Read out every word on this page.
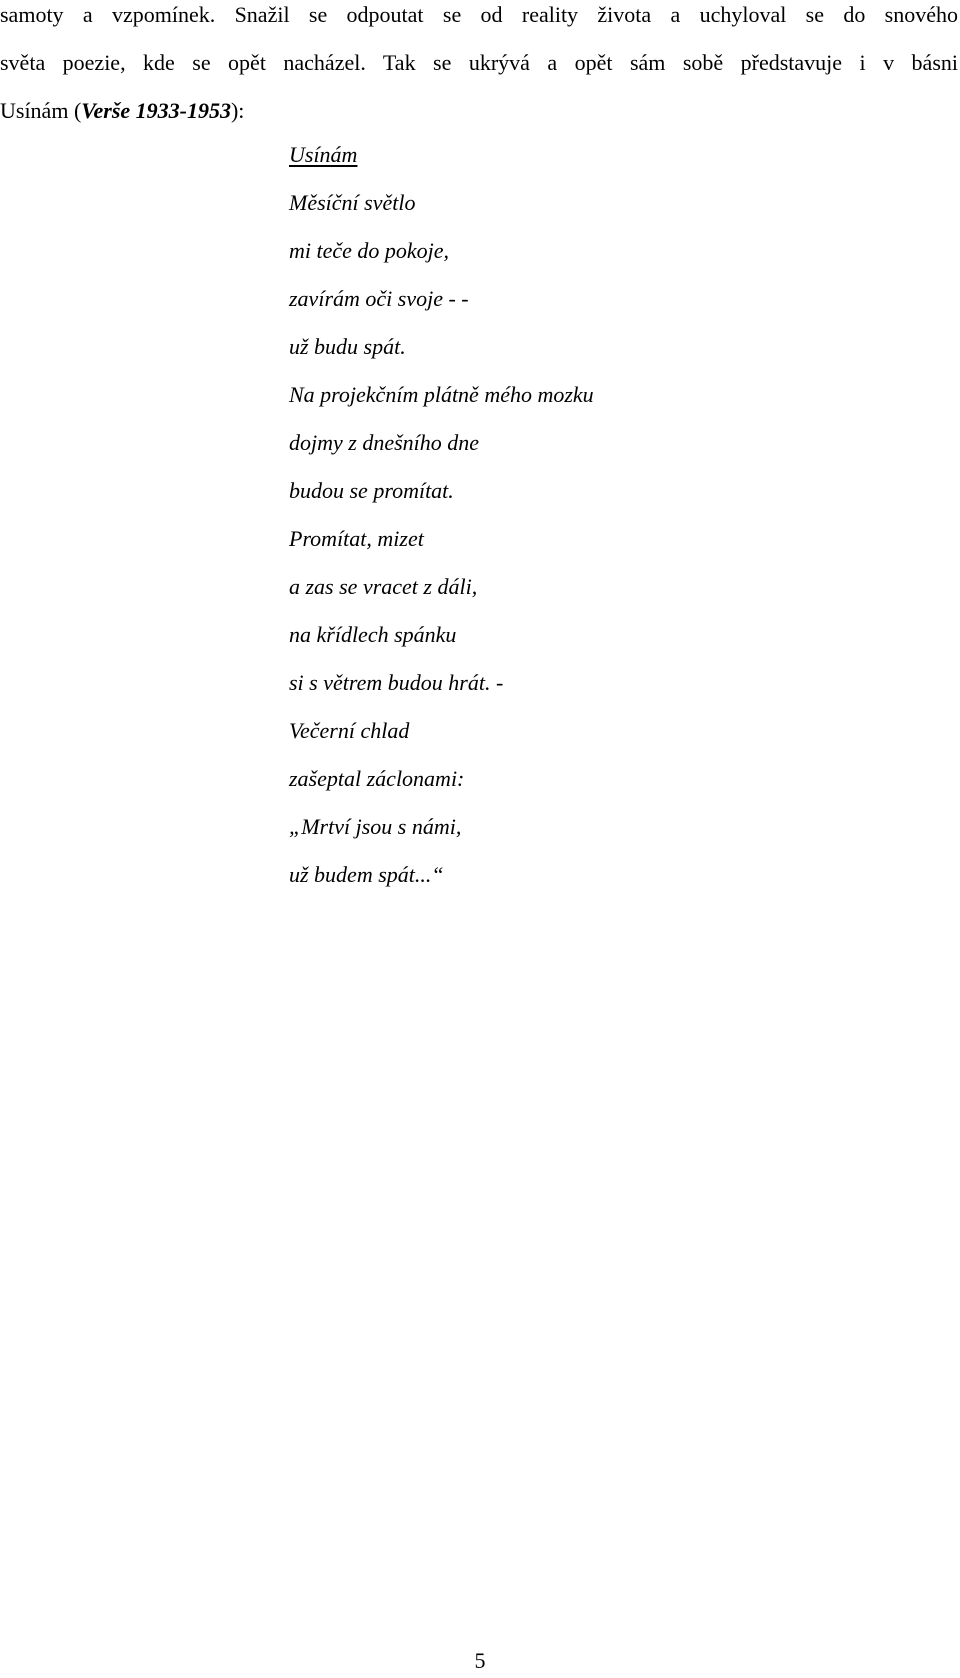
samoty a vzpomínek. Snažil se odpoutat se od reality života a uchyloval se do snového
světa poezie, kde se opět nacházel. Tak se ukrývá a opět sám sobě představuje i v básni
Usínám (Verše 1933-1953):
Usínám
Měsíční světlo
mi teče do pokoje,
zavírám oči svoje - -
už budu spát.
Na projekčním plátně mého mozku
dojmy z dnešního dne
budou se promítat.
Promítat, mizet
a zas se vracet z dáli,
na křídlech spánku
si s větrem budou hrát. -
Večerní chlad
zašeptal záclonami:
„Mrtví jsou s námi,
už budem spát...“
5
